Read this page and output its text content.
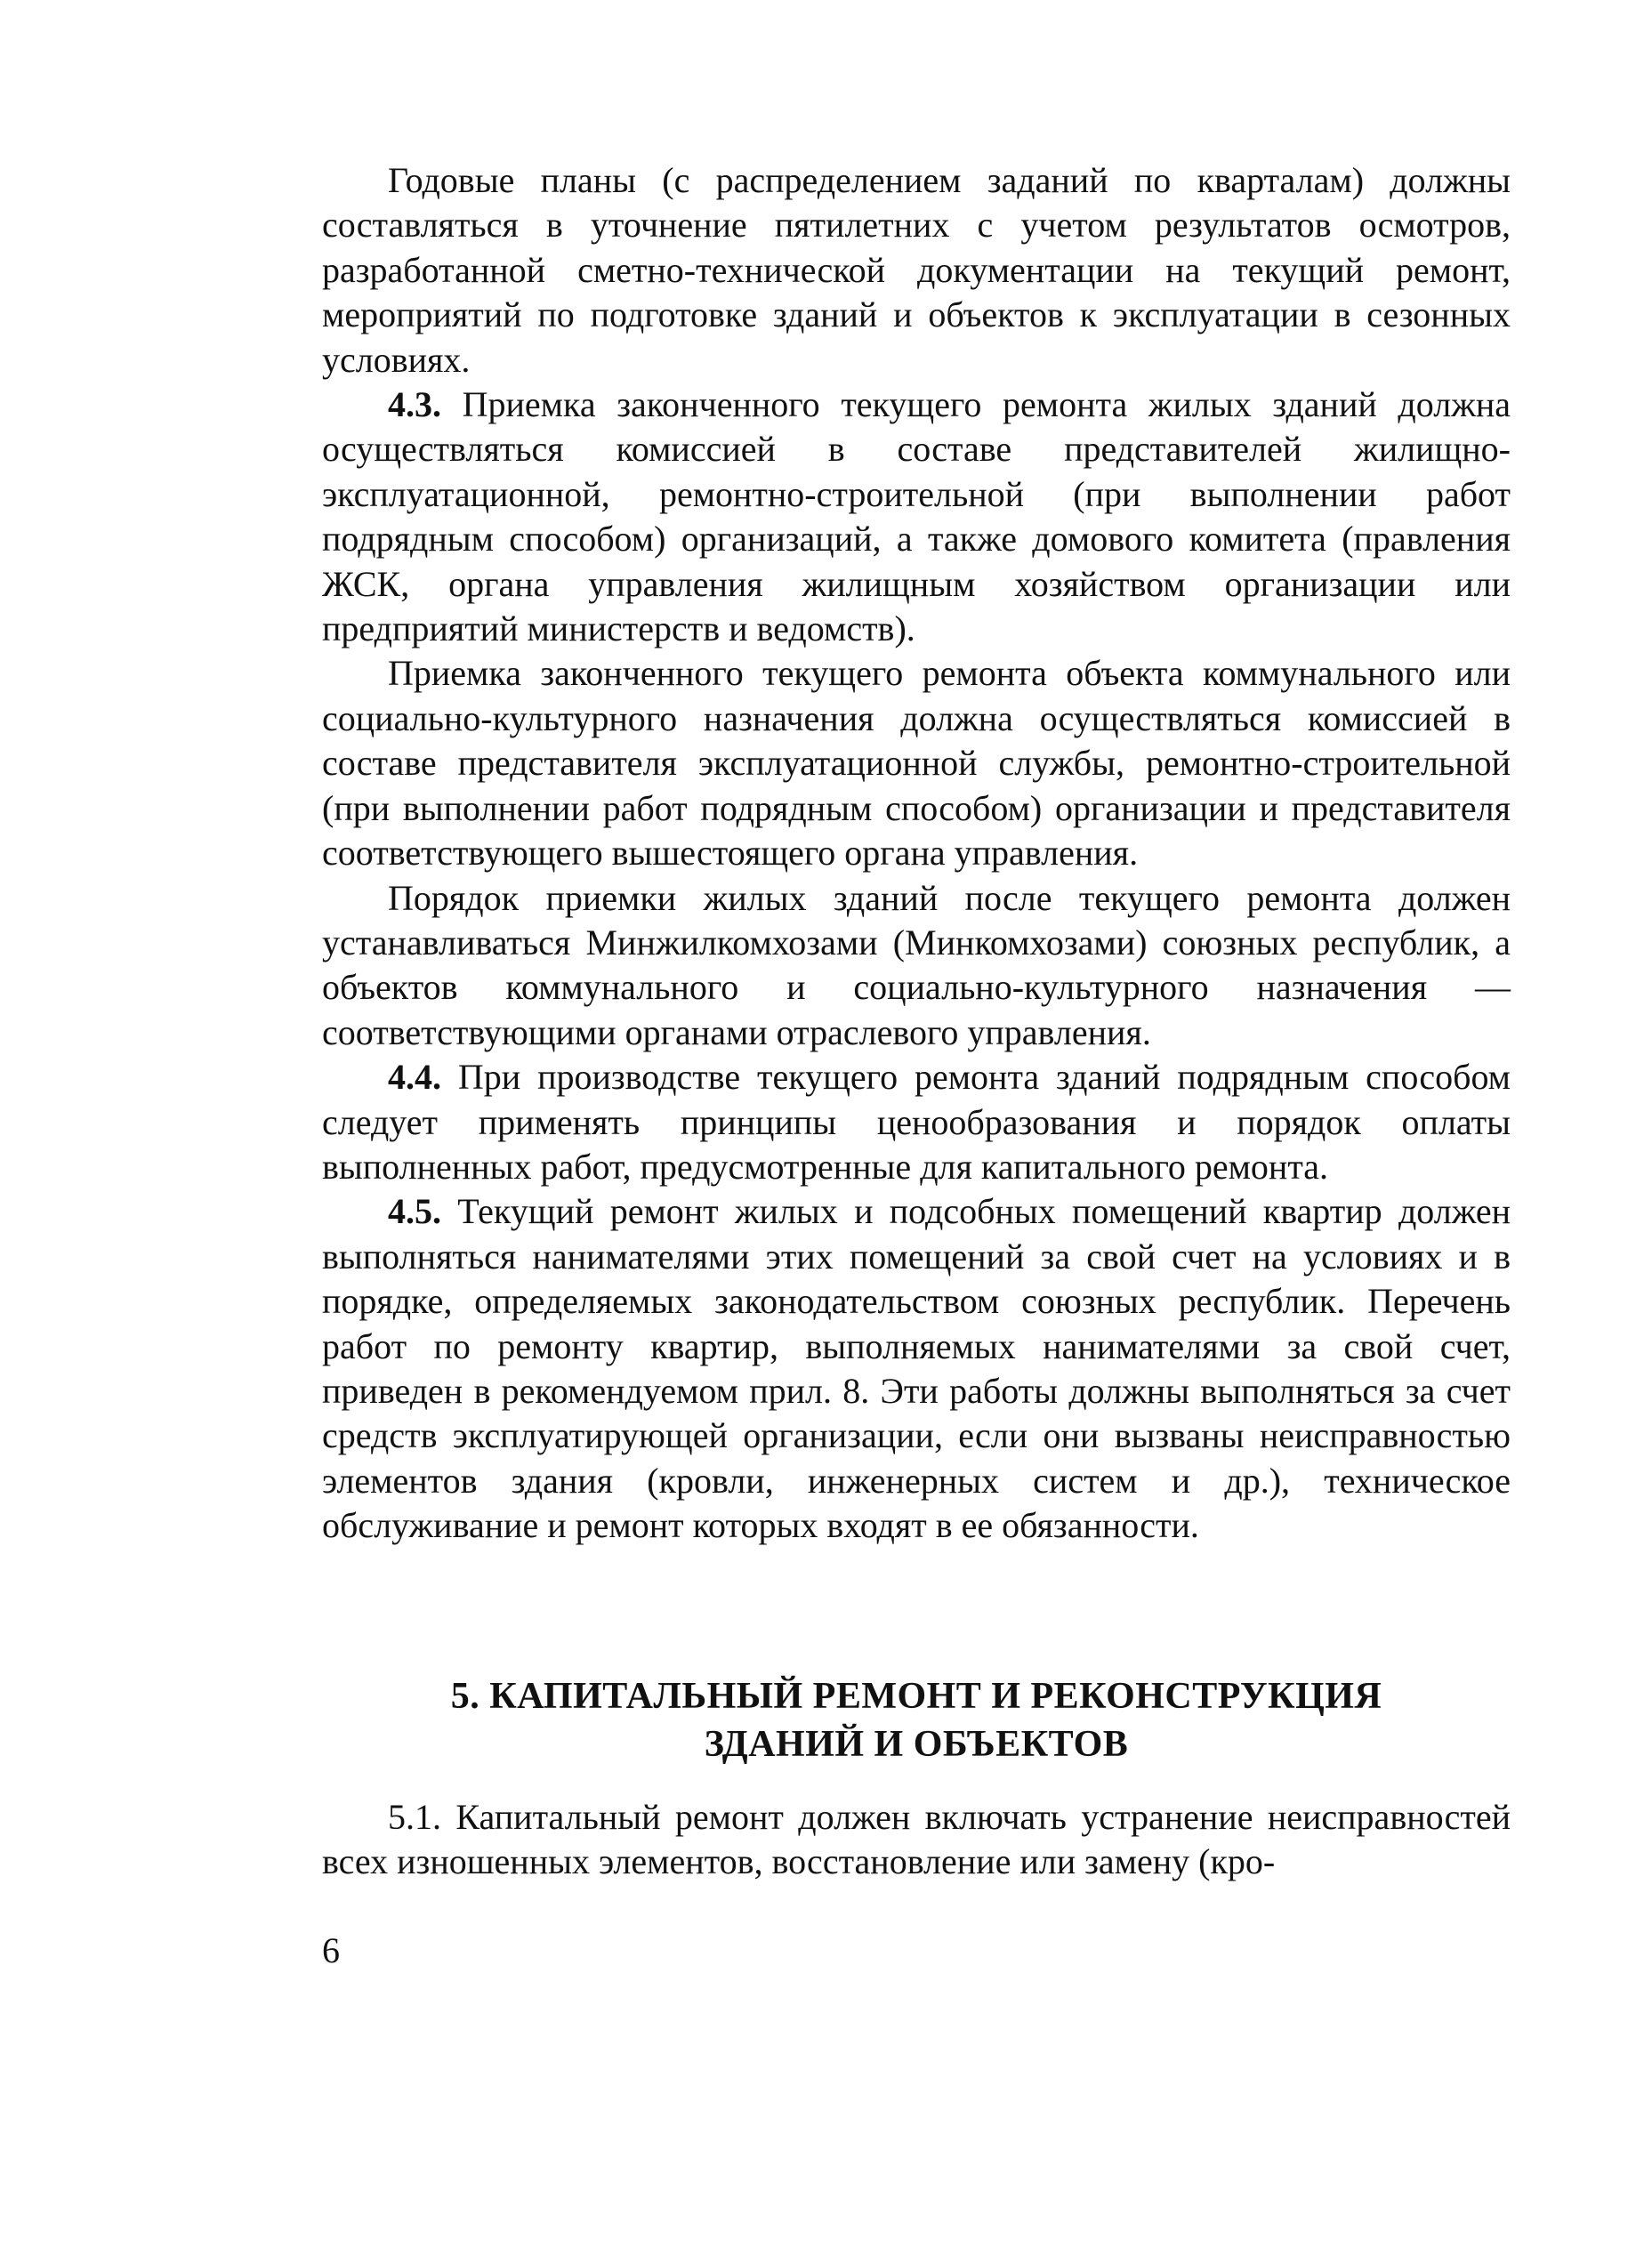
Годовые планы (с распределением заданий по кварталам) должны составляться в уточнение пятилетних с учетом результатов осмотров, разработанной сметно-технической документации на текущий ремонт, мероприятий по подготовке зданий и объектов к эксплуатации в сезонных условиях.

4.3. Приемка законченного текущего ремонта жилых зданий должна осуществляться комиссией в составе представителей жилищно-эксплуатационной, ремонтно-строительной (при выполнении работ подрядным способом) организаций, а также домового комитета (правления ЖСК, органа управления жилищным хозяйством организации или предприятий министерств и ведомств).

Приемка законченного текущего ремонта объекта коммунального или социально-культурного назначения должна осуществляться комиссией в составе представителя эксплуатационной службы, ремонтно-строительной (при выполнении работ подрядным способом) организации и представителя соответствующего вышестоящего органа управления.

Порядок приемки жилых зданий после текущего ремонта должен устанавливаться Минжилкомхозами (Минкомхозами) союзных республик, а объектов коммунального и социально-культурного назначения —соответствующими органами отраслевого управления.

4.4. При производстве текущего ремонта зданий подрядным способом следует применять принципы ценообразования и порядок оплаты выполненных работ, предусмотренные для капитального ремонта.

4.5. Текущий ремонт жилых и подсобных помещений квартир должен выполняться нанимателями этих помещений за свой счет на условиях и в порядке, определяемых законодательством союзных республик. Перечень работ по ремонту квартир, выполняемых нанимателями за свой счет, приведен в рекомендуемом прил. 8. Эти работы должны выполняться за счет средств эксплуатирующей организации, если они вызваны неисправностью элементов здания (кровли, инженерных систем и др.), техническое обслуживание и ремонт которых входят в ее обязанности.

5. КАПИТАЛЬНЫЙ РЕМОНТ И РЕКОНСТРУКЦИЯ
ЗДАНИЙ И ОБЪЕКТОВ

5.1. Капитальный ремонт должен включать устранение неисправностей всех изношенных элементов, восстановление или замену (кро-

6
